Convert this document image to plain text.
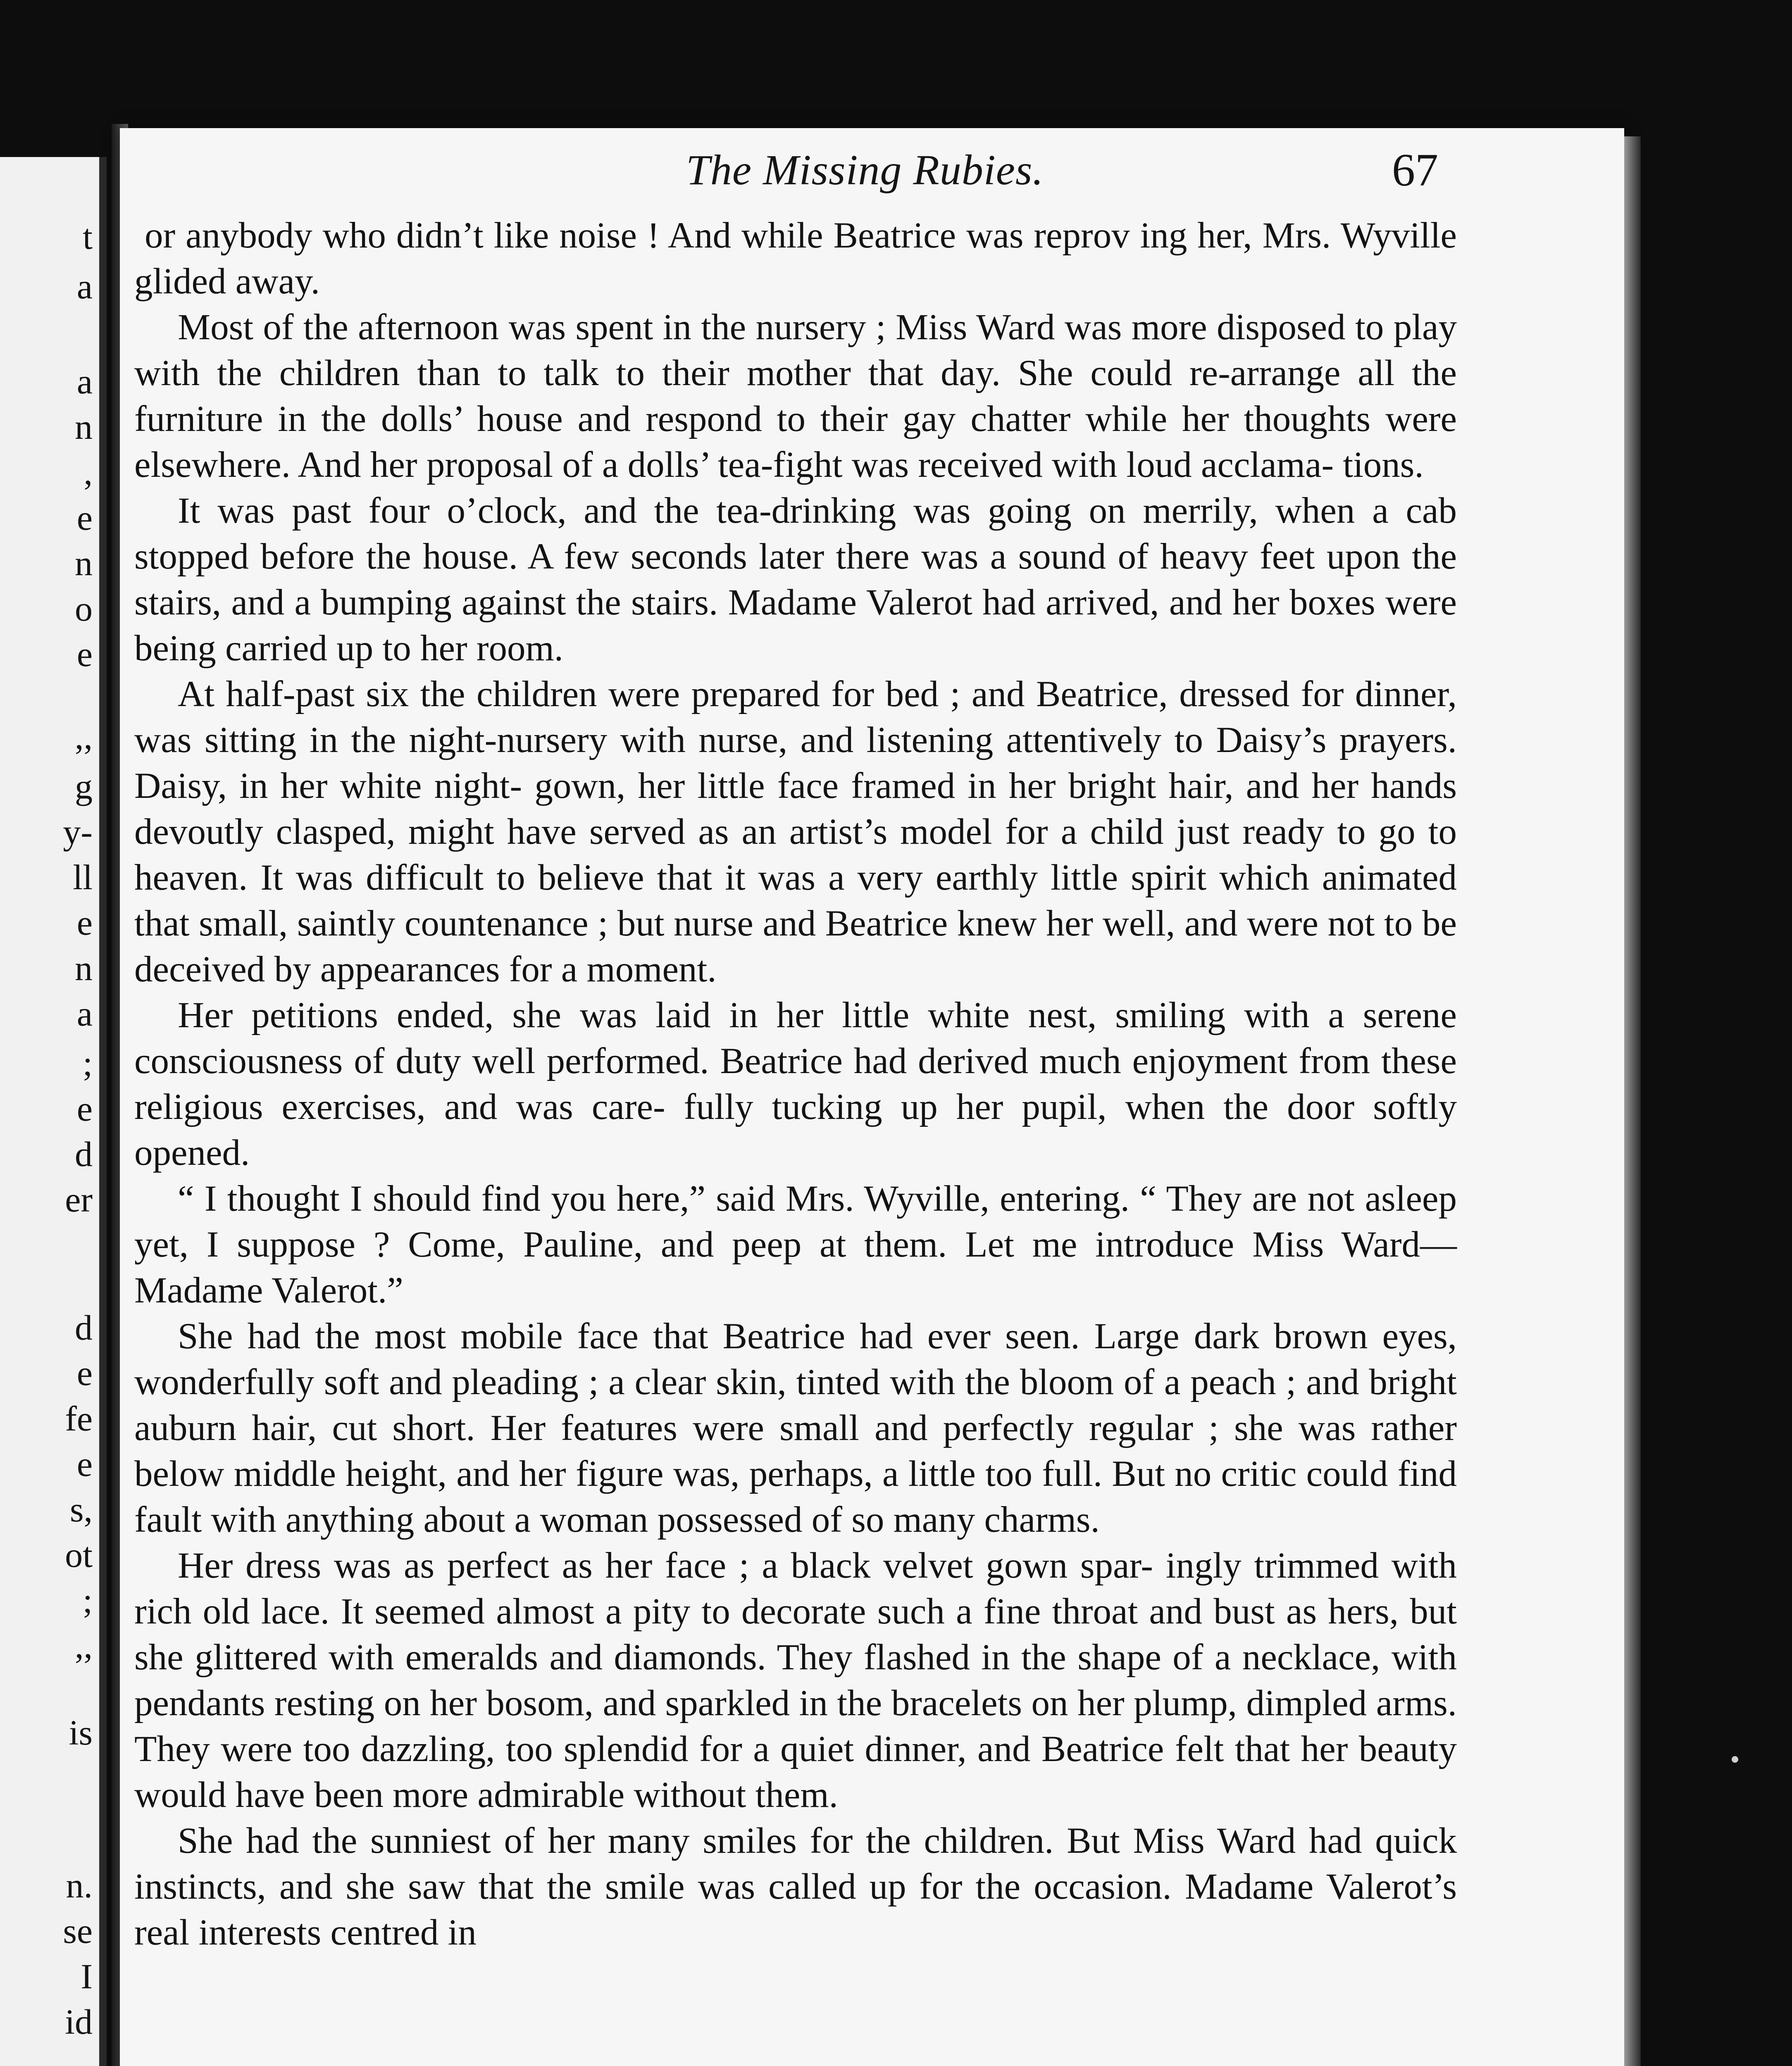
t
a
a
n
,
e
n
o
e
,,
g
y-
ll
e
n
a
;
e
d
er
d
e
fe
e
s,
ot
;
,,
is
n.
se
I
id
The Missing Rubies.	67

or anybody who didn’t like noise ! And while Beatrice was reprov ing her, Mrs. Wyville glided away.

Most of the afternoon was spent in the nursery ; Miss Ward was more disposed to play with the children than to talk to their mother that day. She could re-arrange all the furniture in the dolls’ house and respond to their gay chatter while her thoughts were elsewhere. And her proposal of a dolls’ tea-fight was received with loud acclama- tions.

It was past four o’clock, and the tea-drinking was going on merrily, when a cab stopped before the house. A few seconds later there was a sound of heavy feet upon the stairs, and a bumping against the stairs. Madame Valerot had arrived, and her boxes were being carried up to her room.

At half-past six the children were prepared for bed ; and Beatrice, dressed for dinner, was sitting in the night-nursery with nurse, and listening attentively to Daisy’s prayers. Daisy, in her white night- gown, her little face framed in her bright hair, and her hands devoutly clasped, might have served as an artist’s model for a child just ready to go to heaven. It was difficult to believe that it was a very earthly little spirit which animated that small, saintly countenance ; but nurse and Beatrice knew her well, and were not to be deceived by appearances for a moment.

Her petitions ended, she was laid in her little white nest, smiling with a serene consciousness of duty well performed. Beatrice had derived much enjoyment from these religious exercises, and was care- fully tucking up her pupil, when the door softly opened.

“ I thought I should find you here,” said Mrs. Wyville, entering. “ They are not asleep yet, I suppose ? Come, Pauline, and peep at them. Let me introduce Miss Ward—Madame Valerot.”

She had the most mobile face that Beatrice had ever seen. Large dark brown eyes, wonderfully soft and pleading ; a clear skin, tinted with the bloom of a peach ; and bright auburn hair, cut short. Her features were small and perfectly regular ; she was rather below middle height, and her figure was, perhaps, a little too full. But no critic could find fault with anything about a woman possessed of so many charms.

Her dress was as perfect as her face ; a black velvet gown spar- ingly trimmed with rich old lace. It seemed almost a pity to decorate such a fine throat and bust as hers, but she glittered with emeralds and diamonds. They flashed in the shape of a necklace, with pendants resting on her bosom, and sparkled in the bracelets on her plump, dimpled arms. They were too dazzling, too splendid for a quiet dinner, and Beatrice felt that her beauty would have been more admirable without them.

She had the sunniest of her many smiles for the children. But Miss Ward had quick instincts, and she saw that the smile was called up for the occasion. Madame Valerot’s real interests centred in
